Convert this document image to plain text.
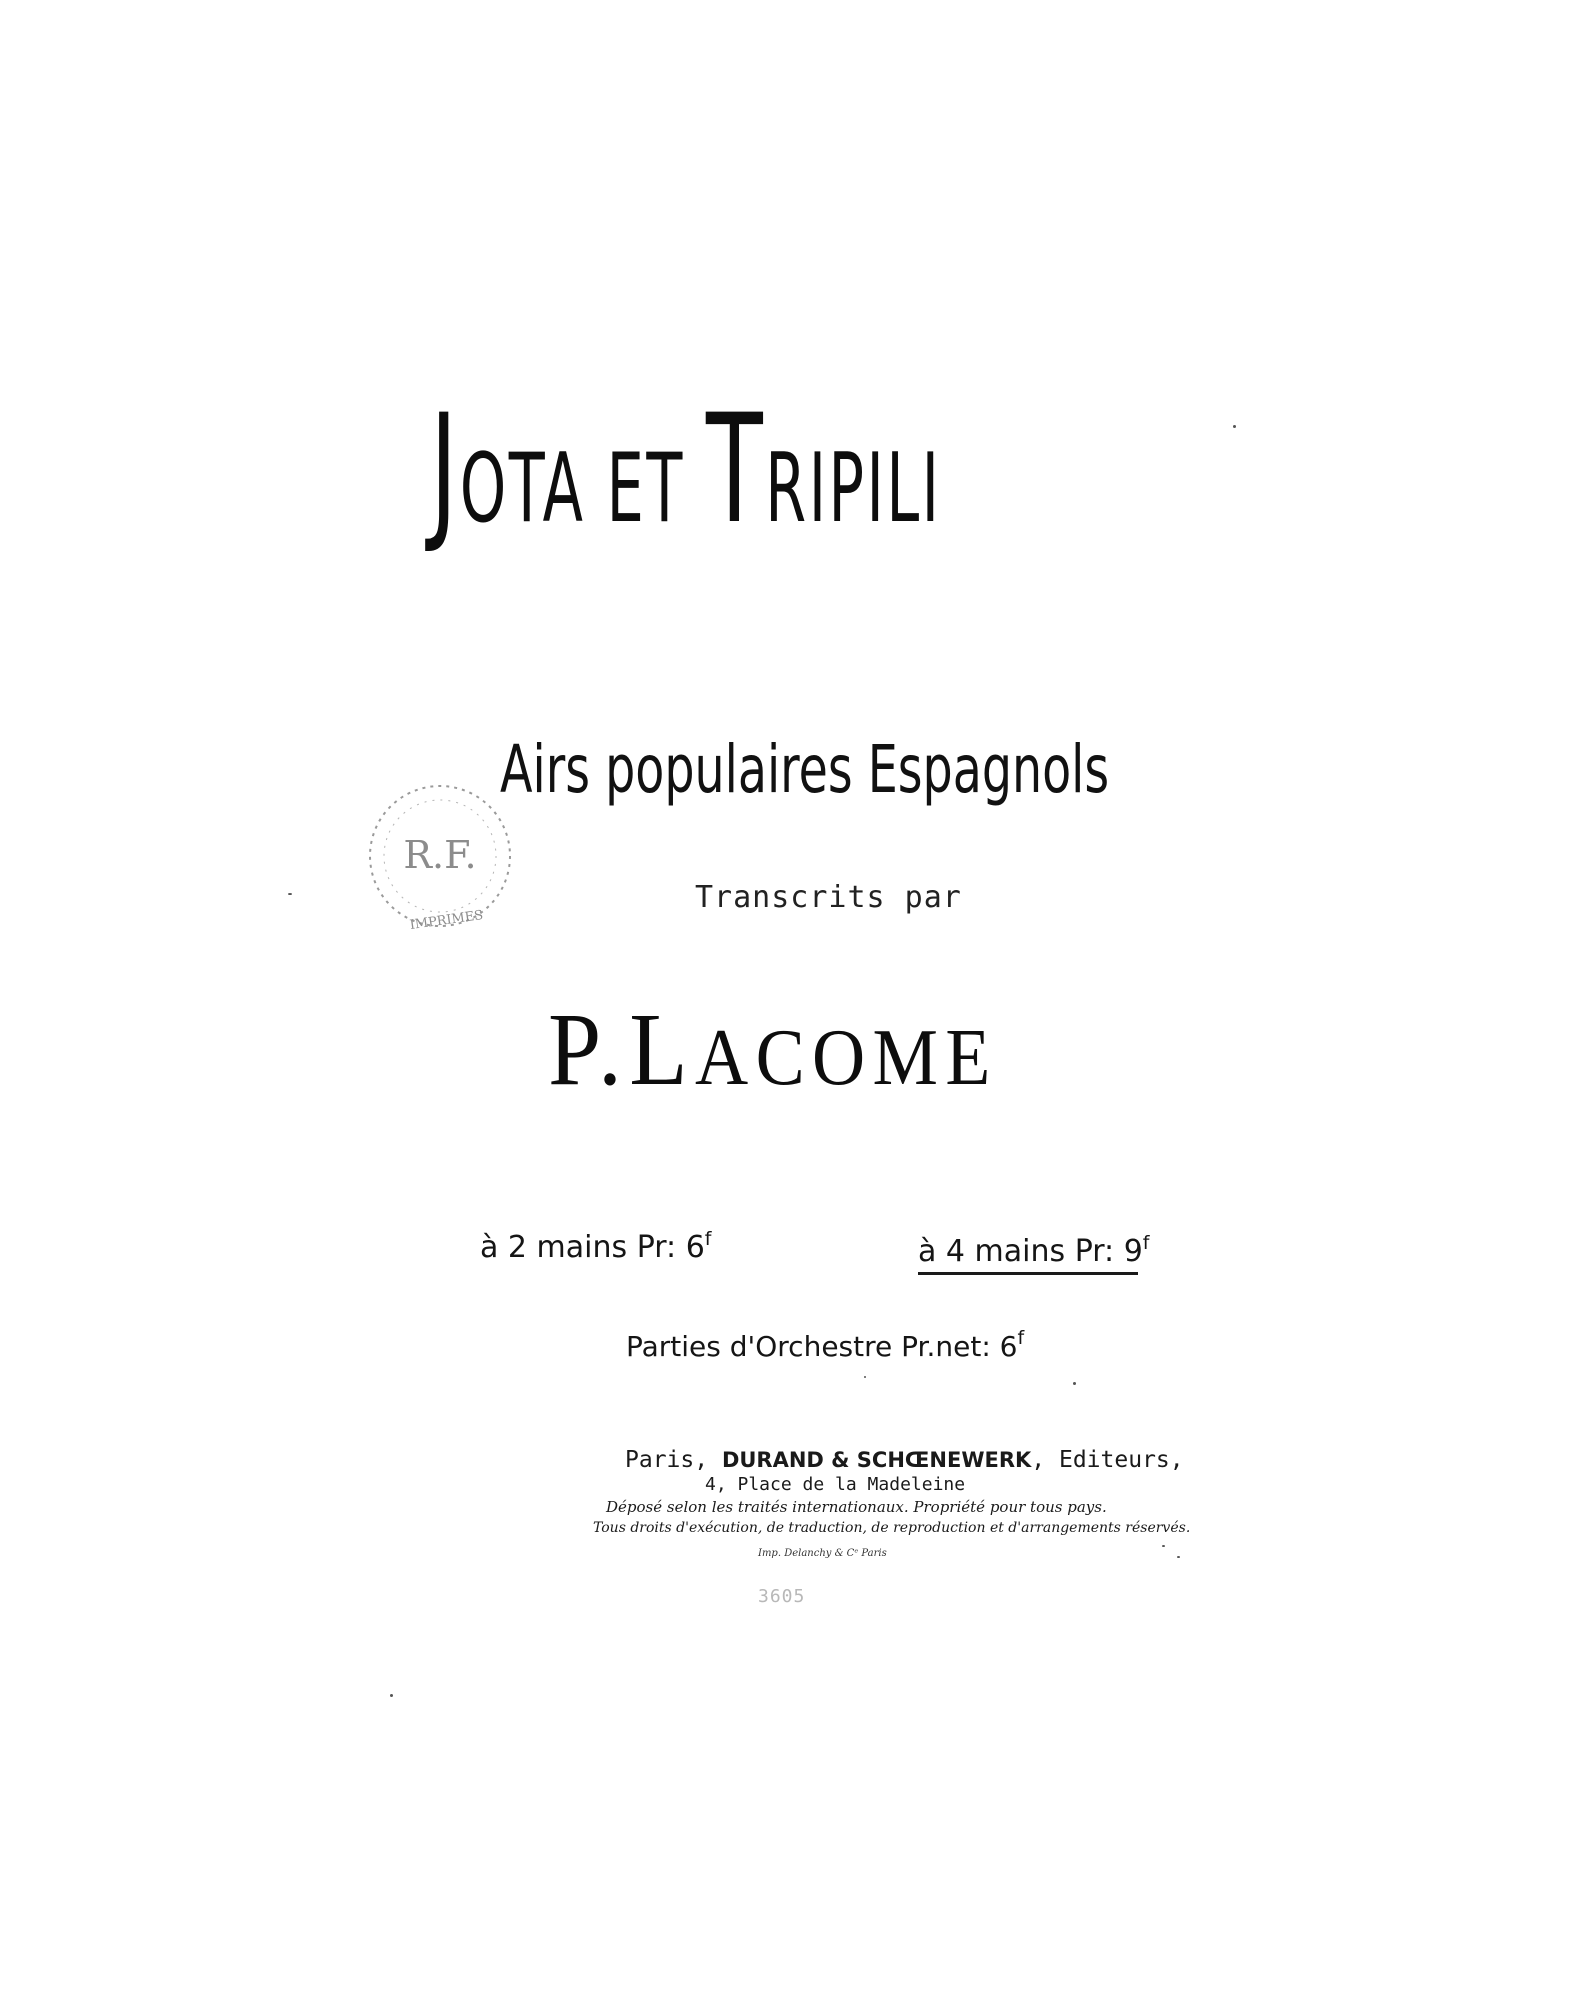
JOTA ET TRIPILI
Airs populaires Espagnols
R.F.
IMPRIMES
Transcrits par
P.LACOME
à 2 mains Pr: 6$^f$	à 4 mains Pr: 9$^f$
Parties d'Orchestre Pr.net: 6$^f$
Paris, DURAND & SCHŒNEWERK, Editeurs,
4, Place de la Madeleine
Déposé selon les traités internationaux. Propriété pour tous pays.
Tous droits d'exécution, de traduction, de reproduction et d'arrangements réservés.
Imp. Delanchy & Cᵉ Paris
3605
